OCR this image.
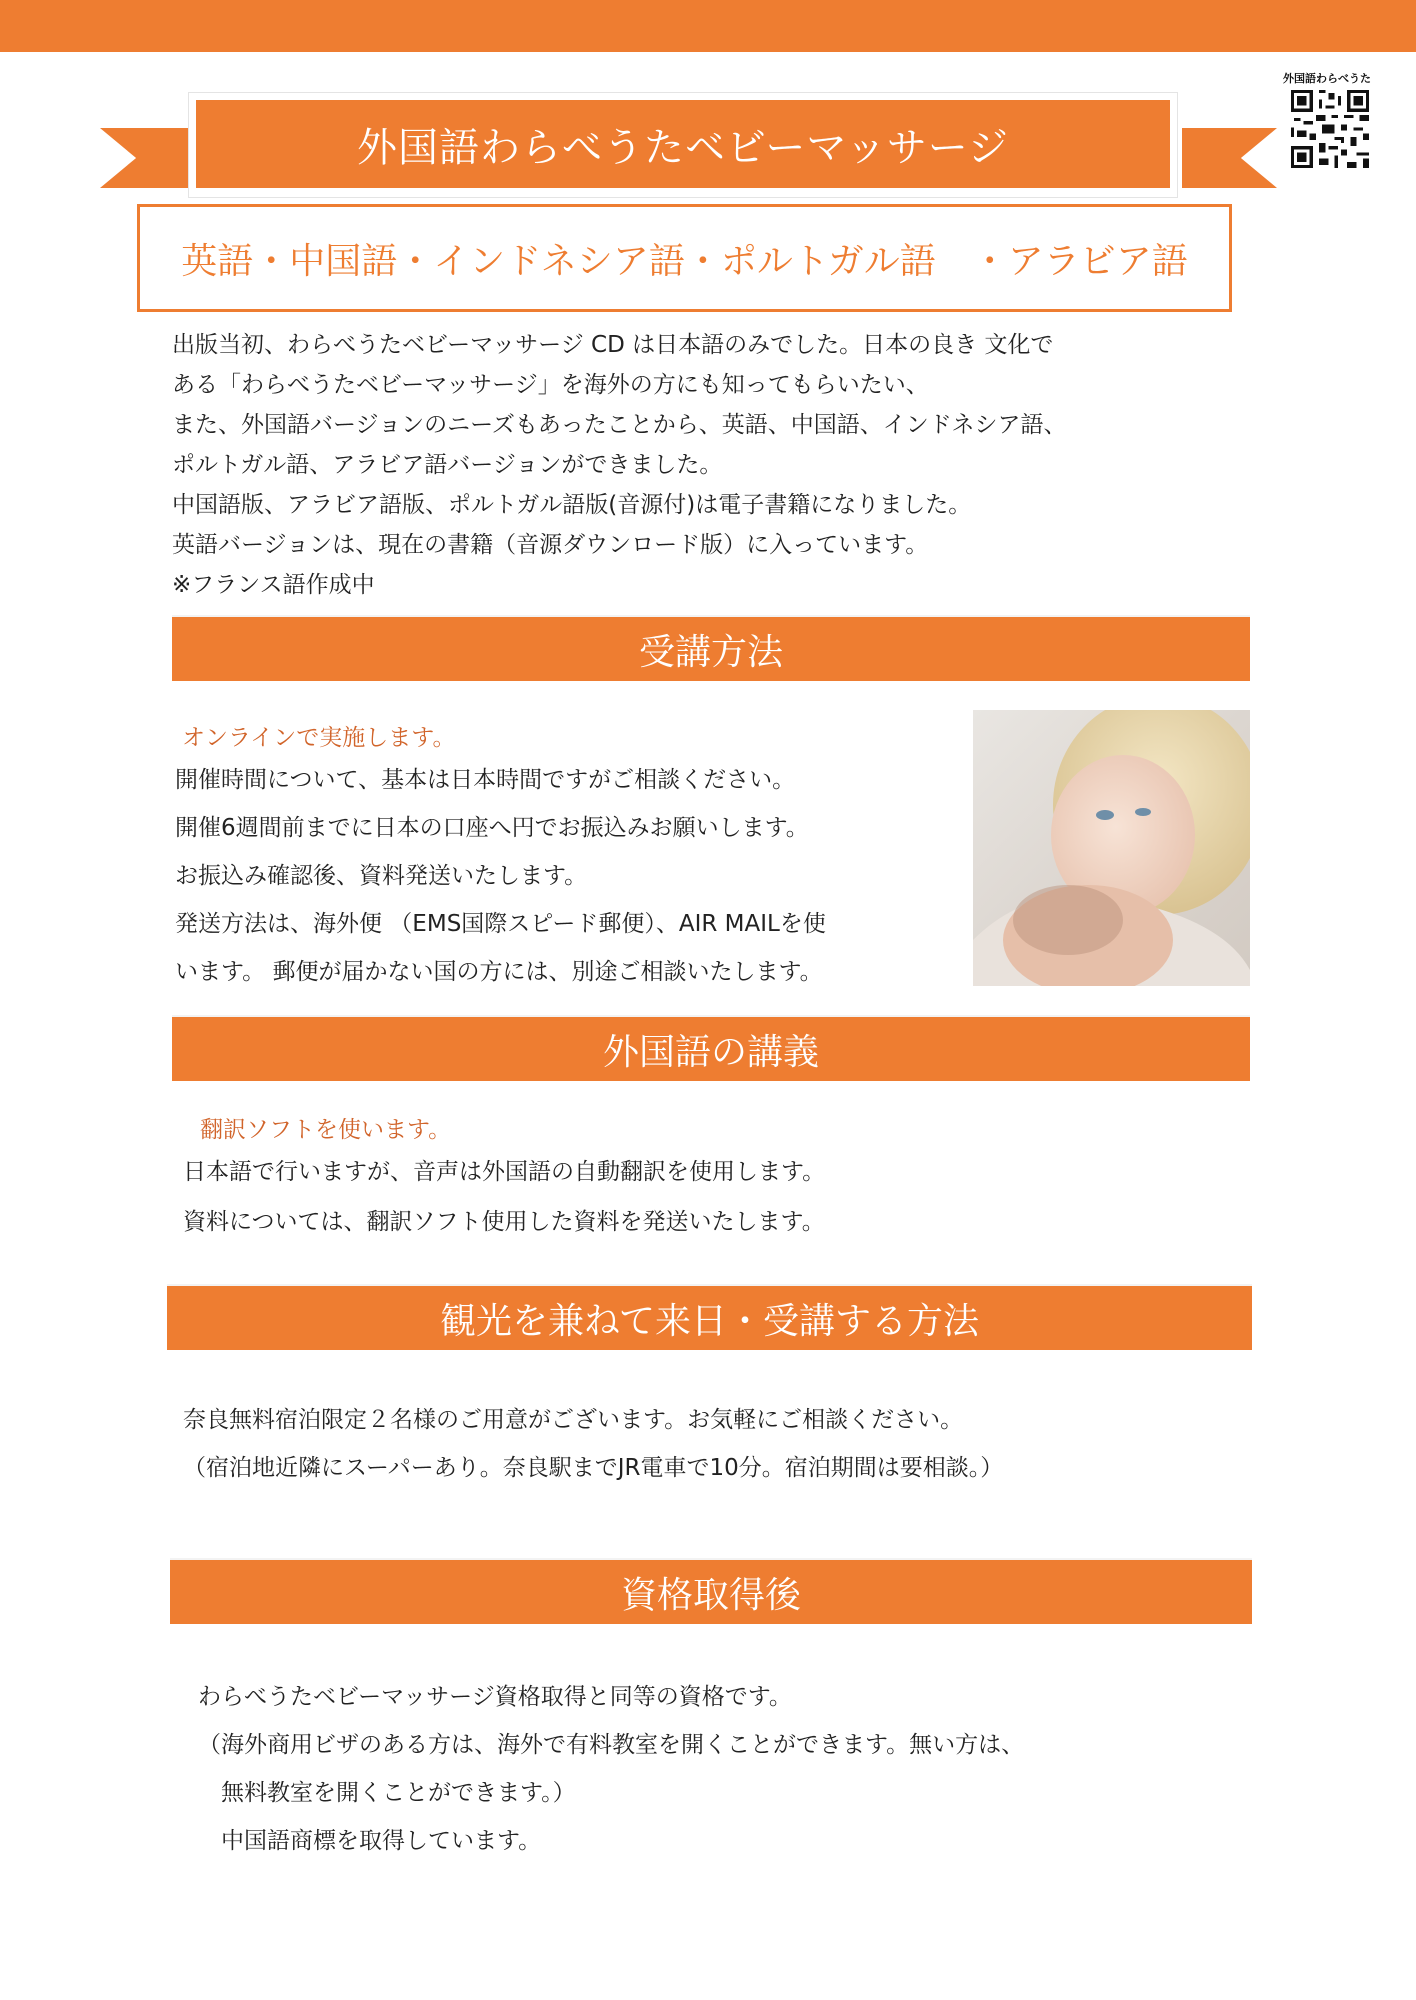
外国語わらべうたベビーマッサージ
外国語わらべうた
英語・中国語・インドネシア語・ポルトガル語　・アラビア語
出版当初、わらべうたベビーマッサージ CD は日本語のみでした。日本の良き 文化で
ある「わらべうたベビーマッサージ」を海外の方にも知ってもらいたい、
また、外国語バージョンのニーズもあったことから、英語、中国語、インドネシア語、
ポルトガル語、アラビア語バージョンができました。
中国語版、アラビア語版、ポルトガル語版(音源付)は電子書籍になりました。
英語バージョンは、現在の書籍（音源ダウンロード版）に入っています。
※フランス語作成中
受講方法
オンラインで実施します。
開催時間について、基本は日本時間ですがご相談ください。
開催6週間前までに日本の口座へ円でお振込みお願いします。
お振込み確認後、資料発送いたします。
発送方法は、海外便 （EMS国際スピード郵便）、AIR MAILを使
います。 郵便が届かない国の方には、別途ご相談いたします。
外国語の講義
翻訳ソフトを使います。
日本語で行いますが、音声は外国語の自動翻訳を使用します。
資料については、翻訳ソフト使用した資料を発送いたします。
観光を兼ねて来日・受講する方法
奈良無料宿泊限定２名様のご用意がございます。お気軽にご相談ください。
（宿泊地近隣にスーパーあり。奈良駅までJR電車で10分。宿泊期間は要相談。）
資格取得後
わらべうたベビーマッサージ資格取得と同等の資格です。
（海外商用ビザのある方は、海外で有料教室を開くことができます。無い方は、
無料教室を開くことができます。）
中国語商標を取得しています。
